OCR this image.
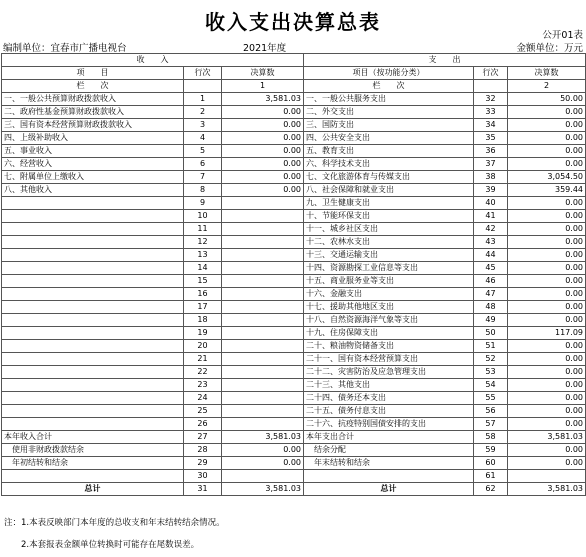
收入支出决算总表
公开01表
编制单位：宜春市广播电视台	2021年度	金额单位：万元
收　　入			支　　出		
项　　目	行次	决算数	项目（按功能分类）	行次	决算数
栏　　次		1	栏　　次		2
一、一般公共预算财政拨款收入	1	3,581.03	一、一般公共服务支出	32	50.00
二、政府性基金预算财政拨款收入	2	0.00	二、外交支出	33	0.00
三、国有资本经营预算财政拨款收入	3	0.00	三、国防支出	34	0.00
四、上级补助收入	4	0.00	四、公共安全支出	35	0.00
五、事业收入	5	0.00	五、教育支出	36	0.00
六、经营收入	6	0.00	六、科学技术支出	37	0.00
七、附属单位上缴收入	7	0.00	七、文化旅游体育与传媒支出	38	3,054.50
八、其他收入	8	0.00	八、社会保障和就业支出	39	359.44
	9		九、卫生健康支出	40	0.00
	10		十、节能环保支出	41	0.00
	11		十一、城乡社区支出	42	0.00
	12		十二、农林水支出	43	0.00
	13		十三、交通运输支出	44	0.00
	14		十四、资源勘探工业信息等支出	45	0.00
	15		十五、商业服务业等支出	46	0.00
	16		十六、金融支出	47	0.00
	17		十七、援助其他地区支出	48	0.00
	18		十八、自然资源海洋气象等支出	49	0.00
	19		十九、住房保障支出	50	117.09
	20		二十、粮油物资储备支出	51	0.00
	21		二十一、国有资本经营预算支出	52	0.00
	22		二十二、灾害防治及应急管理支出	53	0.00
	23		二十三、其他支出	54	0.00
	24		二十四、债务还本支出	55	0.00
	25		二十五、债务付息支出	56	0.00
	26		二十六、抗疫特别国债安排的支出	57	0.00
本年收入合计	27	3,581.03	本年支出合计	58	3,581.03
　使用非财政拨款结余	28	0.00	　结余分配	59	0.00
　年初结转和结余	29	0.00	　年末结转和结余	60	0.00
	30			61	
总计	31	3,581.03	总计	62	3,581.03
注：1.本表反映部门本年度的总收支和年末结转结余情况。
　　2.本套报表金额单位转换时可能存在尾数误差。
